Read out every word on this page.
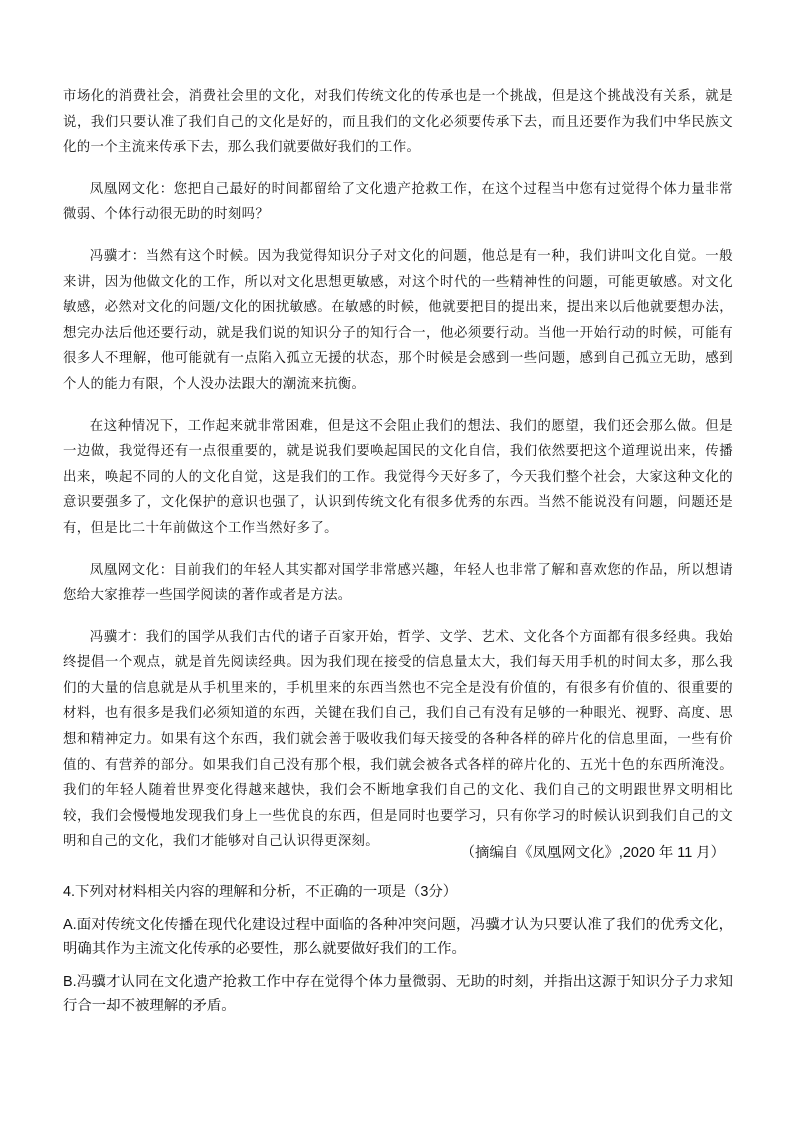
市场化的消费社会，消费社会里的文化，对我们传统文化的传承也是一个挑战，但是这个挑战没有关系，就是说，我们只要认准了我们自己的文化是好的，而且我们的文化必须要传承下去，而且还要作为我们中华民族文化的一个主流来传承下去，那么我们就要做好我们的工作。

凤凰网文化：您把自己最好的时间都留给了文化遗产抢救工作，在这个过程当中您有过觉得个体力量非常微弱、个体行动很无助的时刻吗？

冯骥才：当然有这个时候。因为我觉得知识分子对文化的问题，他总是有一种，我们讲叫文化自觉。一般来讲，因为他做文化的工作，所以对文化思想更敏感，对这个时代的一些精神性的问题，可能更敏感。对文化敏感，必然对文化的问题/文化的困扰敏感。在敏感的时候，他就要把目的提出来，提出来以后他就要想办法，想完办法后他还要行动，就是我们说的知识分子的知行合一，他必须要行动。当他一开始行动的时候，可能有很多人不理解，他可能就有一点陷入孤立无援的状态，那个时候是会感到一些问题，感到自己孤立无助，感到个人的能力有限，个人没办法跟大的潮流来抗衡。

在这种情况下，工作起来就非常困难，但是这不会阻止我们的想法、我们的愿望，我们还会那么做。但是一边做，我觉得还有一点很重要的，就是说我们要唤起国民的文化自信，我们依然要把这个道理说出来，传播出来，唤起不同的人的文化自觉，这是我们的工作。我觉得今天好多了，今天我们整个社会，大家这种文化的意识要强多了，文化保护的意识也强了，认识到传统文化有很多优秀的东西。当然不能说没有问题，问题还是有，但是比二十年前做这个工作当然好多了。

凤凰网文化：目前我们的年轻人其实都对国学非常感兴趣，年轻人也非常了解和喜欢您的作品，所以想请您给大家推荐一些国学阅读的著作或者是方法。

冯骥才：我们的国学从我们古代的诸子百家开始，哲学、文学、艺术、文化各个方面都有很多经典。我始终提倡一个观点，就是首先阅读经典。因为我们现在接受的信息量太大，我们每天用手机的时间太多，那么我们的大量的信息就是从手机里来的，手机里来的东西当然也不完全是没有价值的，有很多有价值的、很重要的材料，也有很多是我们必须知道的东西，关键在我们自己，我们自己有没有足够的一种眼光、视野、高度、思想和精神定力。如果有这个东西，我们就会善于吸收我们每天接受的各种各样的碎片化的信息里面，一些有价值的、有营养的部分。如果我们自己没有那个根，我们就会被各式各样的碎片化的、五光十色的东西所淹没。我们的年轻人随着世界变化得越来越快，我们会不断地拿我们自己的文化、我们自己的文明跟世界文明相比较，我们会慢慢地发现我们身上一些优良的东西，但是同时也要学习，只有你学习的时候认识到我们自己的文明和自己的文化，我们才能够对自己认识得更深刻。

（摘编自《凤凰网文化》,2020 年 11 月）
4.下列对材料相关内容的理解和分析，不正确的一项是（3分）
A.面对传统文化传播在现代化建设过程中面临的各种冲突问题，冯骥才认为只要认准了我们的优秀文化，明确其作为主流文化传承的必要性，那么就要做好我们的工作。
B.冯骥才认同在文化遗产抢救工作中存在觉得个体力量微弱、无助的时刻，并指出这源于知识分子力求知行合一却不被理解的矛盾。
